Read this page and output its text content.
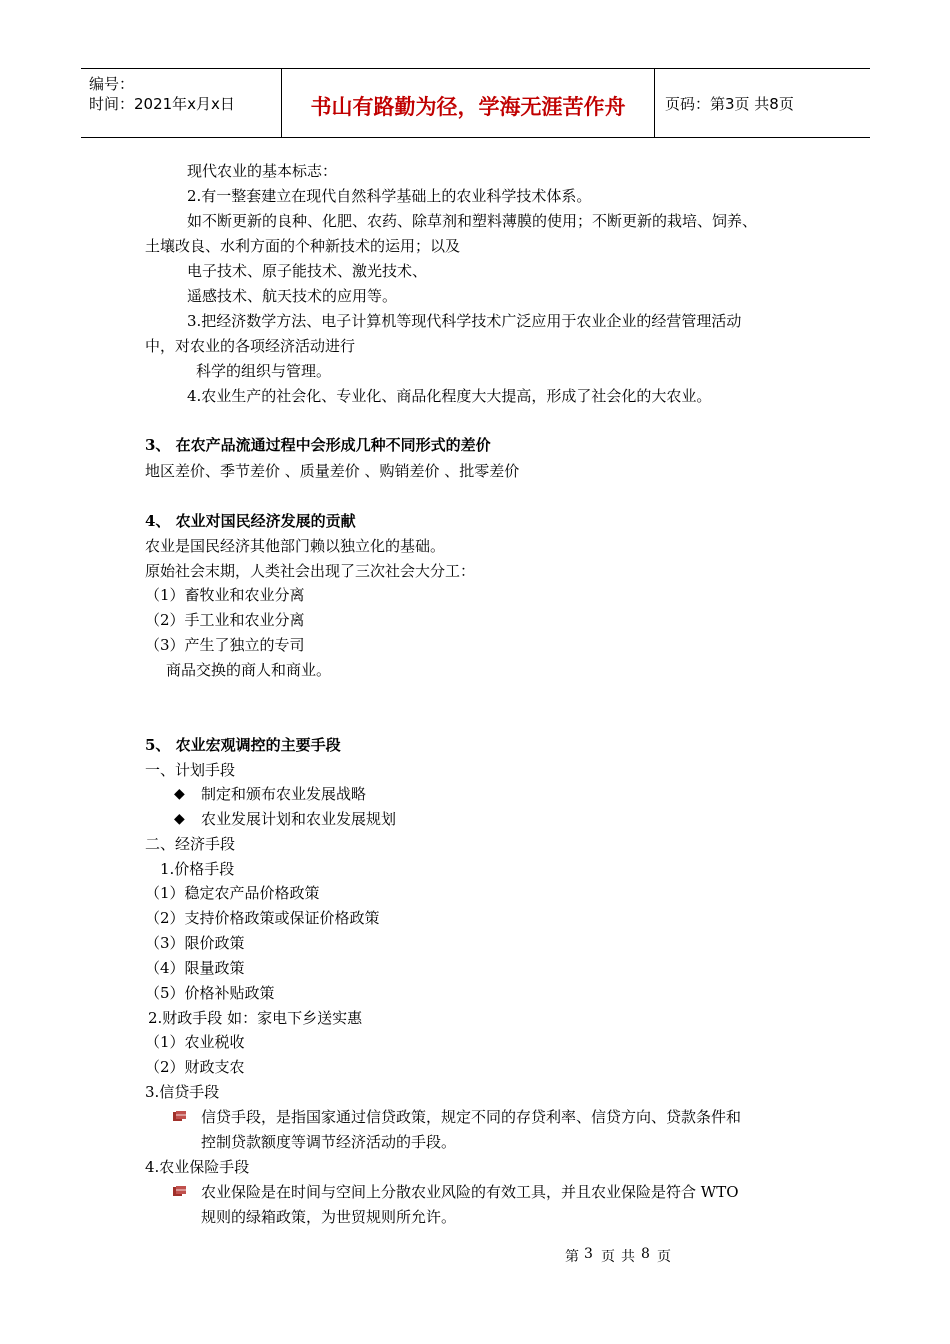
编号：
时间：2021年x月x日	书山有路勤为径，学海无涯苦作舟	页码：第3页 共8页
现代农业的基本标志：
2.有一整套建立在现代自然科学基础上的农业科学技术体系。
如不断更新的良种、化肥、农药、除草剂和塑料薄膜的使用；不断更新的栽培、饲养、
土壤改良、水利方面的个种新技术的运用；以及
电子技术、原子能技术、激光技术、
遥感技术、航天技术的应用等。
3.把经济数学方法、电子计算机等现代科学技术广泛应用于农业企业的经营管理活动
中，对农业的各项经济活动进行
科学的组织与管理。
4.农业生产的社会化、专业化、商品化程度大大提高，形成了社会化的大农业。
3、 在农产品流通过程中会形成几种不同形式的差价
地区差价、季节差价 、质量差价 、购销差价 、批零差价
4、 农业对国民经济发展的贡献
农业是国民经济其他部门赖以独立化的基础。
原始社会末期，人类社会出现了三次社会大分工：
（1）畜牧业和农业分离
（2）手工业和农业分离
（3）产生了独立的专司
商品交换的商人和商业。
5、 农业宏观调控的主要手段
一、计划手段
◆ 制定和颁布农业发展战略
◆ 农业发展计划和农业发展规划
二、经济手段
1.价格手段
（1）稳定农产品价格政策
（2）支持价格政策或保证价格政策
（3）限价政策
（4）限量政策
（5）价格补贴政策
2.财政手段 如：家电下乡送实惠
（1）农业税收
（2）财政支农
3.信贷手段
信贷手段，是指国家通过信贷政策，规定不同的存贷利率、信贷方向、贷款条件和
控制贷款额度等调节经济活动的手段。
4.农业保险手段
农业保险是在时间与空间上分散农业风险的有效工具，并且农业保险是符合 WTO
规则的绿箱政策，为世贸规则所允许。
第 3 页 共 8 页
